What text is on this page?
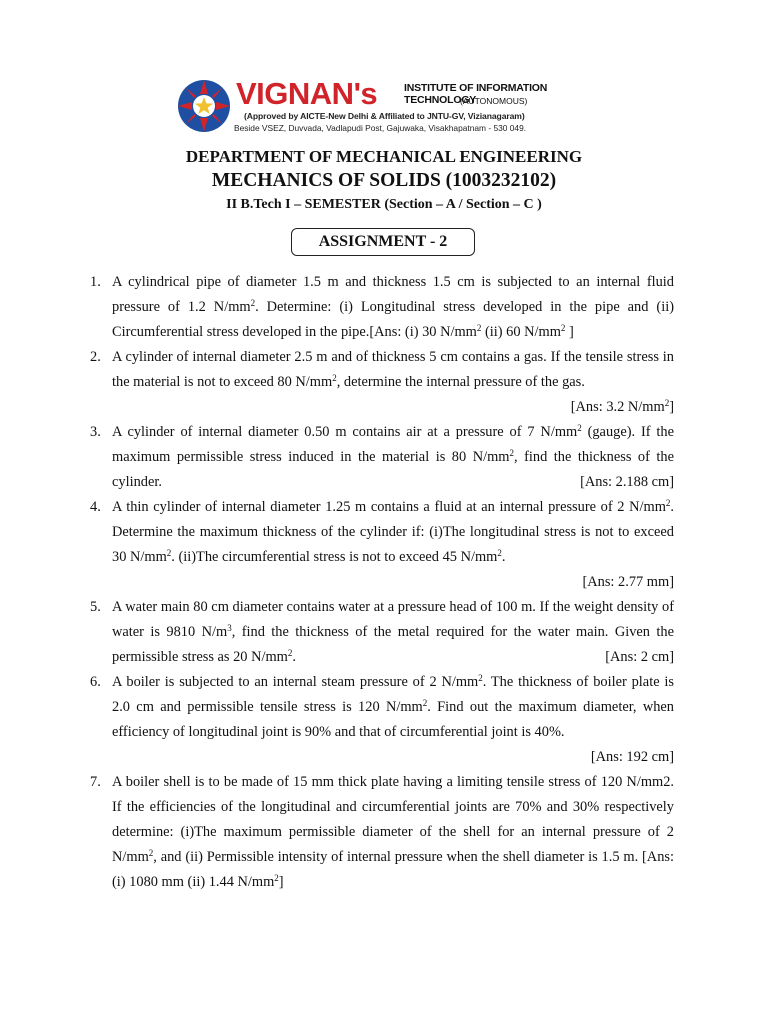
VIGNAN's	INSTITUTE OF INFORMATION TECHNOLOGY
(AUTONOMOUS)
(Approved by AICTE-New Delhi & Affiliated to JNTU-GV, Vizianagaram)
Beside VSEZ, Duvvada, Vadlapudi Post, Gajuwaka, Visakhapatnam - 530 049.
DEPARTMENT OF MECHANICAL ENGINEERING
MECHANICS OF SOLIDS (1003232102)
II B.Tech I – SEMESTER (Section – A / Section – C )
ASSIGNMENT - 2
1. A cylindrical pipe of diameter 1.5 m and thickness 1.5 cm is subjected to an internal fluid pressure of 1.2 $N/mm^2$. Determine: (i) Longitudinal stress developed in the pipe and (ii) Circumferential stress developed in the pipe.[Ans: (i) 30 $N/mm^2$ (ii) 60 $N/mm^2$ ]
2. A cylinder of internal diameter 2.5 m and of thickness 5 cm contains a gas. If the tensile stress in the material is not to exceed 80 $N/mm^2$, determine the internal pressure of the gas.
[Ans: 3.2 $N/mm^2$]
3. A cylinder of internal diameter 0.50 m contains air at a pressure of 7 $N/mm^2$ (gauge). If the maximum permissible stress induced in the material is 80 $N/mm^2$, find the thickness of the cylinder.	[Ans: 2.188 cm]
4. A thin cylinder of internal diameter 1.25 m contains a fluid at an internal pressure of 2 $N/mm^2$. Determine the maximum thickness of the cylinder if: (i)The longitudinal stress is not to exceed 30 $N/mm^2$. (ii)The circumferential stress is not to exceed 45 $N/mm^2$.
[Ans: 2.77 mm]
5. A water main 80 cm diameter contains water at a pressure head of 100 m. If the weight density of water is 9810 $N/m^3$, find the thickness of the metal required for the water main. Given the permissible stress as 20 $N/mm^2$.	[Ans: 2 cm]
6. A boiler is subjected to an internal steam pressure of 2 $N/mm^2$. The thickness of boiler plate is 2.0 cm and permissible tensile stress is 120 $N/mm^2$. Find out the maximum diameter, when efficiency of longitudinal joint is 90% and that of circumferential joint is 40%.
[Ans: 192 cm]
7. A boiler shell is to be made of 15 mm thick plate having a limiting tensile stress of 120 N/mm2. If the efficiencies of the longitudinal and circumferential joints are 70% and 30% respectively determine: (i)The maximum permissible diameter of the shell for an internal pressure of 2 $N/mm^2$, and (ii) Permissible intensity of internal pressure when the shell diameter is 1.5 m. [Ans: (i) 1080 mm (ii) 1.44 $N/mm^2$]
